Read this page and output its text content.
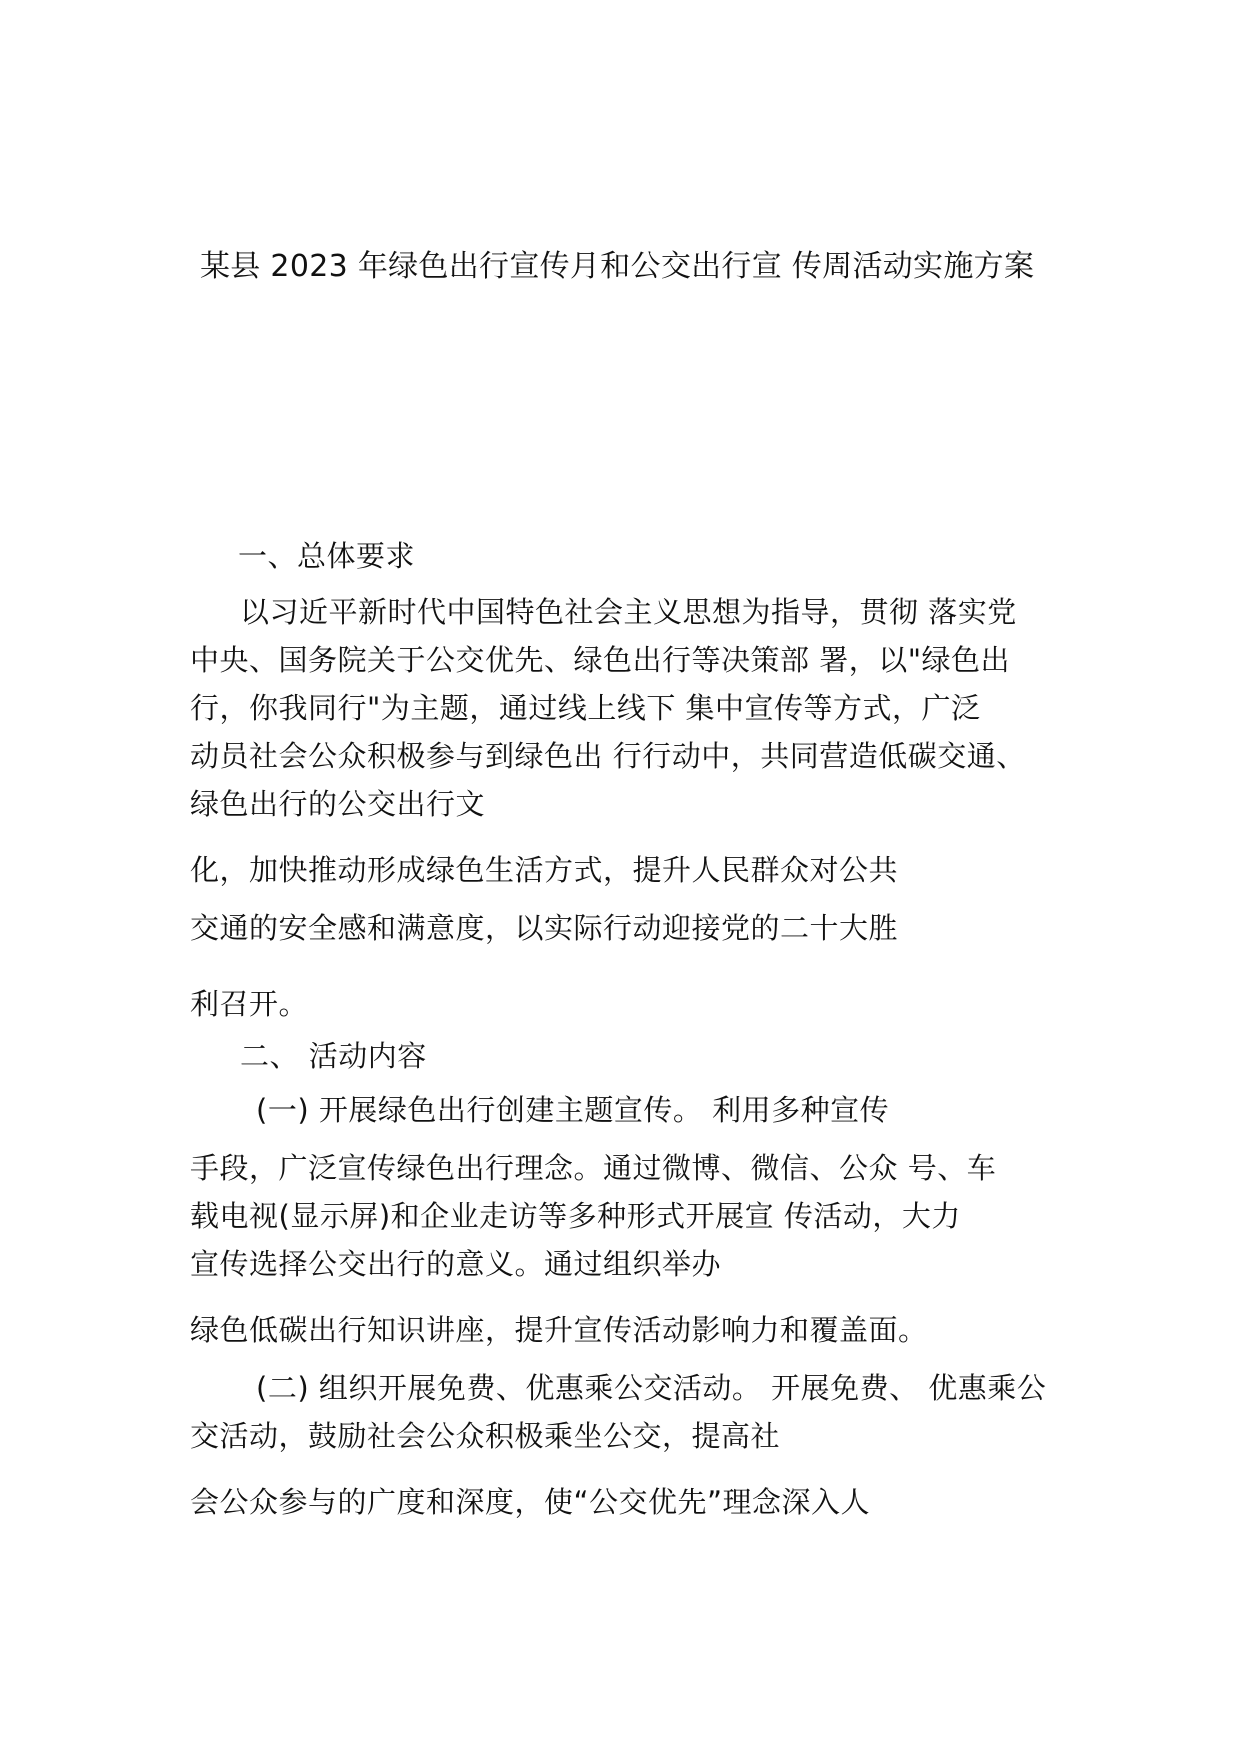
某县 2023 年绿色出行宣传月和公交出行宣 传周活动实施方案
一、总体要求
以习近平新时代中国特色社会主义思想为指导，贯彻 落实党
中央、国务院关于公交优先、绿色出行等决策部 署，以"绿色出
行，你我同行"为主题，通过线上线下 集中宣传等方式，广泛
动员社会公众积极参与到绿色出 行行动中，共同营造低碳交通、
绿色出行的公交出行文
化，加快推动形成绿色生活方式，提升人民群众对公共
交通的安全感和满意度，以实际行动迎接党的二十大胜
利召开。
二、 活动内容
(一) 开展绿色出行创建主题宣传。 利用多种宣传
手段，广泛宣传绿色出行理念。通过微博、微信、公众 号、车
载电视(显示屏)和企业走访等多种形式开展宣 传活动，大力
宣传选择公交出行的意义。通过组织举办
绿色低碳出行知识讲座，提升宣传活动影响力和覆盖面。
(二) 组织开展免费、优惠乘公交活动。 开展免费、 优惠乘公
交活动，鼓励社会公众积极乘坐公交，提高社
会公众参与的广度和深度，使“公交优先”理念深入人
